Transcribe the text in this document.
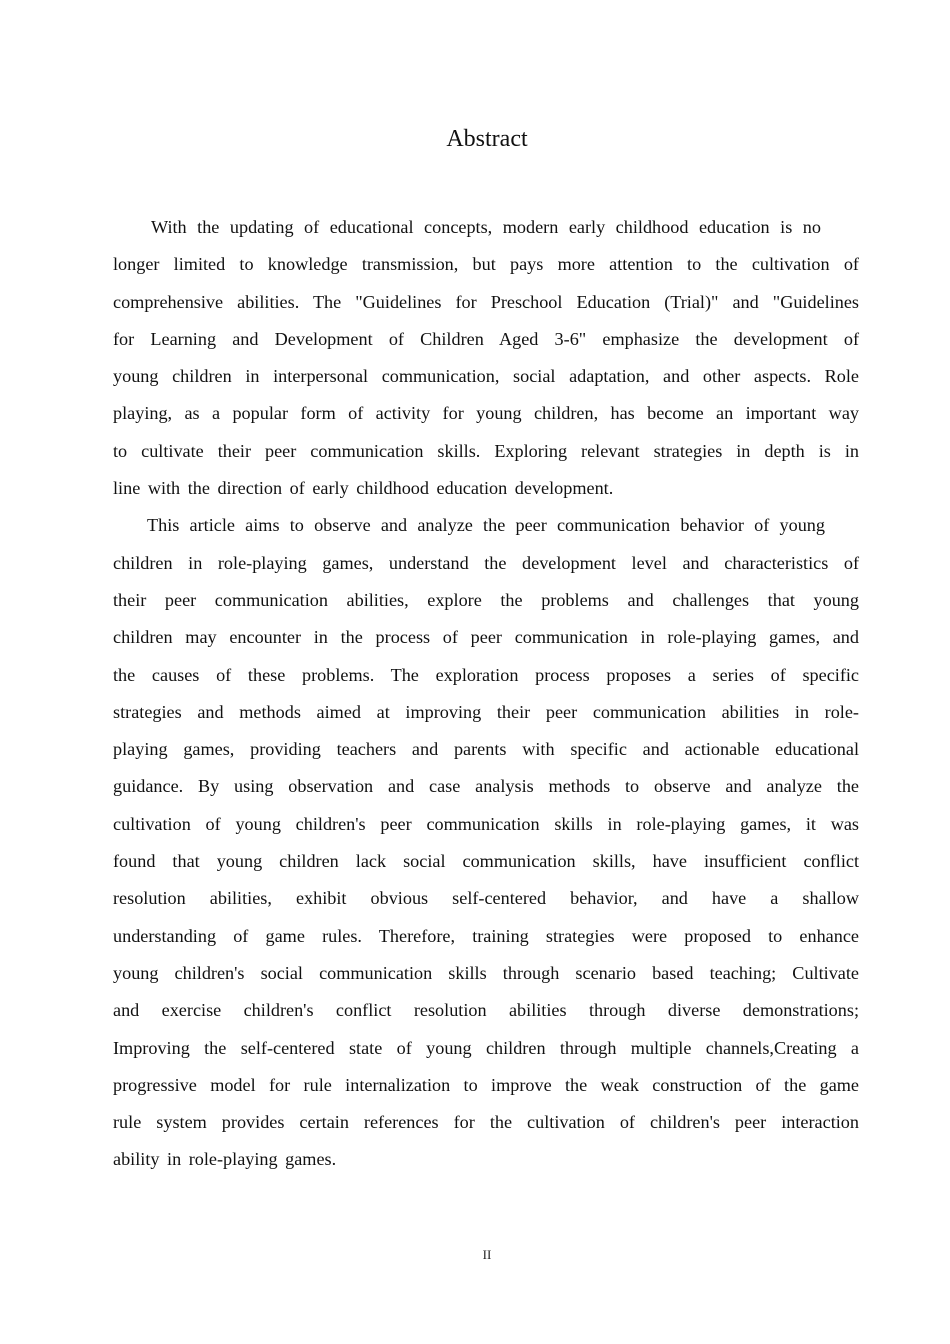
Abstract
With the updating of educational concepts, modern early childhood education is no
longer limited to knowledge transmission, but pays more attention to the cultivation of
comprehensive abilities. The "Guidelines for Preschool Education (Trial)" and "Guidelines
for Learning and Development of Children Aged 3-6" emphasize the development of
young children in interpersonal communication, social adaptation, and other aspects. Role
playing, as a popular form of activity for young children, has become an important way
to cultivate their peer communication skills. Exploring relevant strategies in depth is in
line with the direction of early childhood education development.
This article aims to observe and analyze the peer communication behavior of young
children in role-playing games, understand the development level and characteristics of
their peer communication abilities, explore the problems and challenges that young
children may encounter in the process of peer communication in role-playing games, and
the causes of these problems. The exploration process proposes a series of specific
strategies and methods aimed at improving their peer communication abilities in role-
playing games, providing teachers and parents with specific and actionable educational
guidance. By using observation and case analysis methods to observe and analyze the
cultivation of young children's peer communication skills in role-playing games, it was
found that young children lack social communication skills, have insufficient conflict
resolution abilities, exhibit obvious self-centered behavior, and have a shallow
understanding of game rules. Therefore, training strategies were proposed to enhance
young children's social communication skills through scenario based teaching; Cultivate
and exercise children's conflict resolution abilities through diverse demonstrations;
Improving the self-centered state of young children through multiple channels,Creating a
progressive model for rule internalization to improve the weak construction of the game
rule system provides certain references for the cultivation of children's peer interaction
ability in role-playing games.
II
